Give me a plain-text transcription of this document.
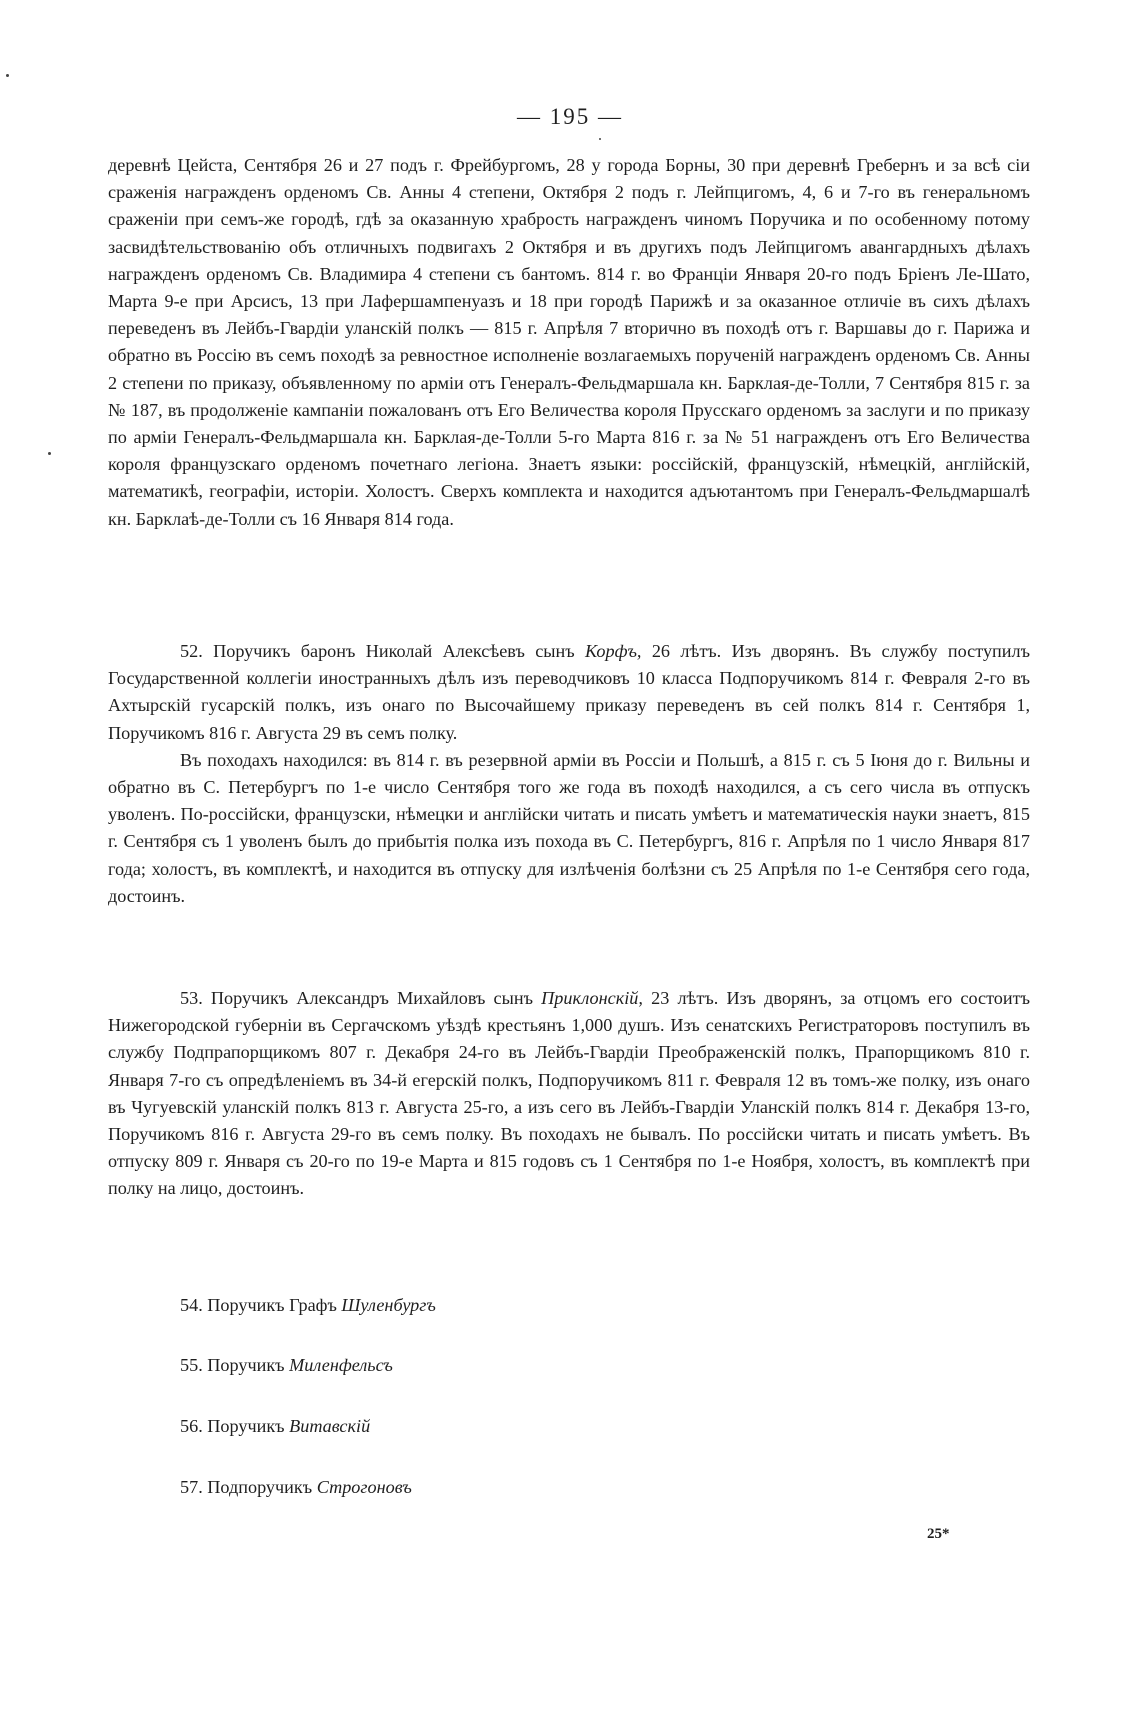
— 195 —

деревнѣ Цейста, Сентября 26 и 27 подъ г. Фрейбургомъ, 28 у города Борны, 30 при деревнѣ Гребернъ и за всѣ сіи сраженія награжденъ орденомъ Св. Анны 4 степени, Октября 2 подъ г. Лейпцигомъ, 4, 6 и 7-го въ генеральномъ сраженіи при семъ-же городѣ, гдѣ за оказанную храбрость награжденъ чиномъ Поручика и по особенному потому засвидѣтельствованію объ отличныхъ подвигахъ 2 Октября и въ другихъ подъ Лейпцигомъ авангардныхъ дѣлахъ награжденъ орденомъ Св. Владимира 4 степени съ бантомъ. 814 г. во Франціи Января 20-го подъ Бріенъ Ле-Шато, Марта 9-е при Арсисъ, 13 при Лафершампенуазъ и 18 при городѣ Парижѣ и за оказанное отличіе въ сихъ дѣлахъ переведенъ въ Лейбъ-Гвардіи уланскій полкъ — 815 г. Апрѣля 7 вторично въ походѣ отъ г. Варшавы до г. Парижа и обратно въ Россію въ семъ походѣ за ревностное исполненіе возлагаемыхъ порученій награжденъ орденомъ Св. Анны 2 степени по приказу, объявленному по арміи отъ Генералъ-Фельдмаршала кн. Барклая-де-Толли, 7 Сентября 815 г. за № 187, въ продолженіе кампаніи пожалованъ отъ Его Величества короля Прусскаго орденомъ за заслуги и по приказу по арміи Генералъ-Фельдмаршала кн. Барклая-де-Толли 5-го Марта 816 г. за № 51 награжденъ отъ Его Величества короля французскаго орденомъ почетнаго легіона. Знаетъ языки: россійскій, французскій, нѣмецкій, англійскій, математикѣ, географіи, исторіи. Холостъ. Сверхъ комплекта и находится адъютантомъ при Генералъ-Фельдмаршалѣ кн. Барклаѣ-де-Толли съ 16 Января 814 года.

52. Поручикъ баронъ Николай Алексѣевъ сынъ Корфъ, 26 лѣтъ. Изъ дворянъ. Въ службу поступилъ Государственной коллегіи иностранныхъ дѣлъ изъ переводчиковъ 10 класса Подпоручикомъ 814 г. Февраля 2-го въ Ахтырскій гусарскій полкъ, изъ онаго по Высочайшему приказу переведенъ въ сей полкъ 814 г. Сентября 1, Поручикомъ 816 г. Августа 29 въ семъ полку.

Въ походахъ находился: въ 814 г. въ резервной арміи въ Россіи и Польшѣ, а 815 г. съ 5 Іюня до г. Вильны и обратно въ С. Петербургъ по 1-е число Сентября того же года въ походѣ находился, а съ сего числа въ отпускъ уволенъ. По-россійски, французски, нѣмецки и англійски читать и писать умѣетъ и математическія науки знаетъ, 815 г. Сентября съ 1 уволенъ былъ до прибытія полка изъ похода въ С. Петербургъ, 816 г. Апрѣля по 1 число Января 817 года; холостъ, въ комплектѣ, и находится въ отпуску для излѣченія болѣзни съ 25 Апрѣля по 1-е Сентября сего года, достоинъ.

53. Поручикъ Александръ Михайловъ сынъ Приклонскій, 23 лѣтъ. Изъ дворянъ, за отцомъ его состоитъ Нижегородской губерніи въ Сергачскомъ уѣздѣ крестьянъ 1,000 душъ. Изъ сенатскихъ Регистраторовъ поступилъ въ службу Подпрапорщикомъ 807 г. Декабря 24-го въ Лейбъ-Гвардіи Преображенскій полкъ, Прапорщикомъ 810 г. Января 7-го съ опредѣленіемъ въ 34-й егерскій полкъ, Подпоручикомъ 811 г. Февраля 12 въ томъ-же полку, изъ онаго въ Чугуевскій уланскій полкъ 813 г. Августа 25-го, а изъ сего въ Лейбъ-Гвардіи Уланскій полкъ 814 г. Декабря 13-го, Поручикомъ 816 г. Августа 29-го въ семъ полку. Въ походахъ не бывалъ. По россійски читать и писать умѣетъ. Въ отпуску 809 г. Января съ 20-го по 19-е Марта и 815 годовъ съ 1 Сентября по 1-е Ноября, холостъ, въ комплектѣ при полку на лицо, достоинъ.

54. Поручикъ Графъ Шуленбургъ
55. Поручикъ Миленфельсъ
56. Поручикъ Витавскій
57. Подпоручикъ Строгоновъ
25*
